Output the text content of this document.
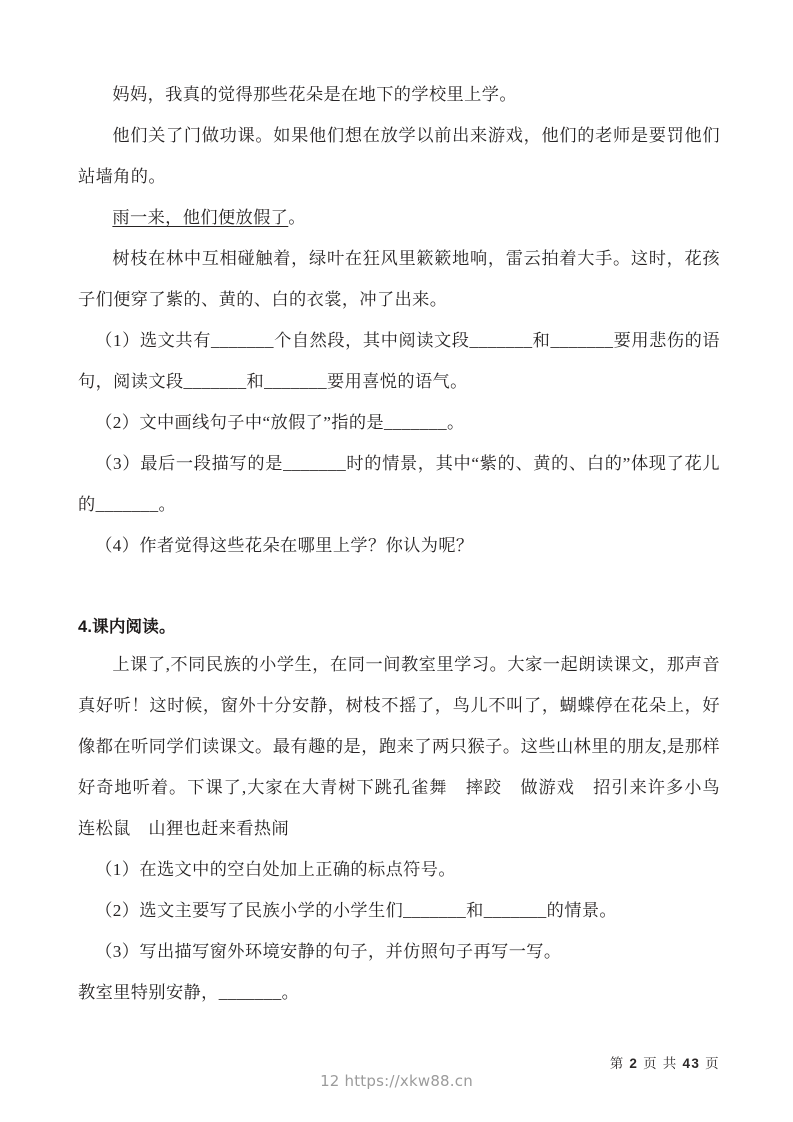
妈妈，我真的觉得那些花朵是在地下的学校里上学。

他们关了门做功课。如果他们想在放学以前出来游戏，他们的老师是要罚他们站墙角的。

雨一来，他们便放假了。

树枝在林中互相碰触着，绿叶在狂风里簌簌地响，雷云拍着大手。这时，花孩子们便穿了紫的、黄的、白的衣裳，冲了出来。

（1）选文共有_______个自然段，其中阅读文段_______和_______要用悲伤的语句，阅读文段_______和_______要用喜悦的语气。

（2）文中画线句子中“放假了”指的是_______。

（3）最后一段描写的是_______时的情景，其中“紫的、黄的、白的”体现了花儿的_______。

（4）作者觉得这些花朵在哪里上学？你认为呢？

4.课内阅读。

上课了,不同民族的小学生，在同一间教室里学习。大家一起朗读课文，那声音真好听！这时候，窗外十分安静，树枝不摇了，鸟儿不叫了，蝴蝶停在花朵上，好像都在听同学们读课文。最有趣的是，跑来了两只猴子。这些山林里的朋友,是那样好奇地听着。下课了,大家在大青树下跳孔雀舞　摔跤　做游戏　招引来许多小鸟　连松鼠　山狸也赶来看热闹

（1）在选文中的空白处加上正确的标点符号。

（2）选文主要写了民族小学的小学生们_______和_______的情景。

（3）写出描写窗外环境安静的句子，并仿照句子再写一写。

教室里特别安静，_______。

12 https://xkw88.cn
第 2 页 共 43 页
